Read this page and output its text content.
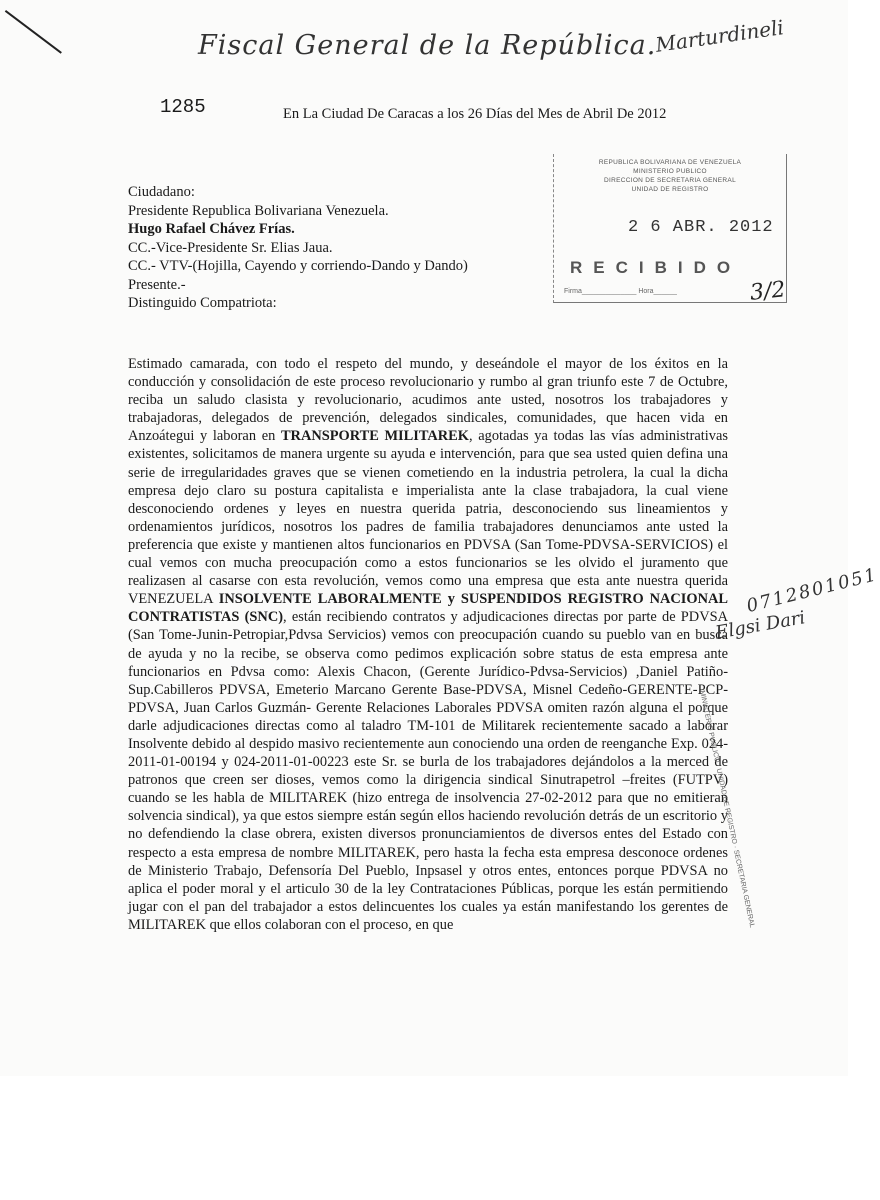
Fiscal General de la República.
Marturdineli
1285	En La Ciudad De Caracas a los 26 Días del Mes de Abril De 2012
REPUBLICA BOLIVARIANA DE VENEZUELA
MINISTERIO PUBLICO
DIRECCION DE SECRETARIA GENERAL
UNIDAD DE REGISTRO
2 6 ABR. 2012
RECIBIDO
Firma______________ Hora______	3/2
Ciudadano:
Presidente Republica Bolivariana Venezuela.
Hugo Rafael Chávez Frías.
CC.-Vice-Presidente Sr. Elias Jaua.
CC.- VTV-(Hojilla, Cayendo y corriendo-Dando y Dando)
Presente.-
Distinguido Compatriota:
Estimado camarada, con todo el respeto del mundo, y deseándole el mayor de los éxitos en la conducción y consolidación de este proceso revolucionario y rumbo al gran triunfo este 7 de Octubre, reciba un saludo clasista y revolucionario, acudimos ante usted, nosotros los trabajadores y trabajadoras, delegados de prevención, delegados sindicales, comunidades, que hacen vida en Anzoátegui y laboran en TRANSPORTE MILITAREK, agotadas ya todas las vías administrativas existentes, solicitamos de manera urgente su ayuda e intervención, para que sea usted quien defina una serie de irregularidades graves que se vienen cometiendo en la industria petrolera, la cual la dicha empresa dejo claro su postura capitalista e imperialista ante la clase trabajadora, la cual viene desconociendo ordenes y leyes en nuestra querida patria, desconociendo sus lineamientos y ordenamientos jurídicos, nosotros los padres de familia trabajadores denunciamos ante usted la preferencia que existe y mantienen altos funcionarios en PDVSA (San Tome-PDVSA-SERVICIOS) el cual vemos con mucha preocupación como a estos funcionarios se les olvido el juramento que realizasen al casarse con esta revolución, vemos como una empresa que esta ante nuestra querida VENEZUELA INSOLVENTE LABORALMENTE y SUSPENDIDOS REGISTRO NACIONAL CONTRATISTAS (SNC), están recibiendo contratos y adjudicaciones directas por parte de PDVSA (San Tome-Junin-Petropiar,Pdvsa Servicios) vemos con preocupación cuando su pueblo van en busca de ayuda y no la recibe, se observa como pedimos explicación sobre status de esta empresa ante funcionarios en Pdvsa como: Alexis Chacon, (Gerente Jurídico-Pdvsa-Servicios) ,Daniel Patiño-Sup.Cabilleros PDVSA, Emeterio Marcano Gerente Base-PDVSA, Misnel Cedeño-GERENTE-PCP-PDVSA, Juan Carlos Guzmán- Gerente Relaciones Laborales PDVSA omiten razón alguna el porque darle adjudicaciones directas como al taladro TM-101 de Militarek recientemente sacado a laborar Insolvente debido al despido masivo recientemente aun conociendo una orden de reenganche Exp. 024-2011-01-00194 y 024-2011-01-00223 este Sr. se burla de los trabajadores dejándolos a la merced de patronos que creen ser dioses, vemos como la dirigencia sindical Sinutrapetrol –freites (FUTPV) cuando se les habla de MILITAREK (hizo entrega de insolvencia 27-02-2012 para que no emitieran solvencia sindical), ya que estos siempre están según ellos haciendo revolución detrás de un escritorio y no defendiendo la clase obrera, existen diversos pronunciamientos de diversos entes del Estado con respecto a esta empresa de nombre MILITAREK, pero hasta la fecha esta empresa desconoce ordenes de Ministerio Trabajo, Defensoría Del Pueblo, Inpsasel y otros entes, entonces porque PDVSA no aplica el poder moral y el articulo 30 de la ley Contrataciones Públicas, porque les están permitiendo jugar con el pan del trabajador a estos delincuentes los cuales ya están manifestando los gerentes de MILITAREK que ellos colaboran con el proceso, en que
0712801051
Elgsi Dari
MINISTERIO PUBLICO · UNIDAD DE REGISTRO · SECRETARIA GENERAL
